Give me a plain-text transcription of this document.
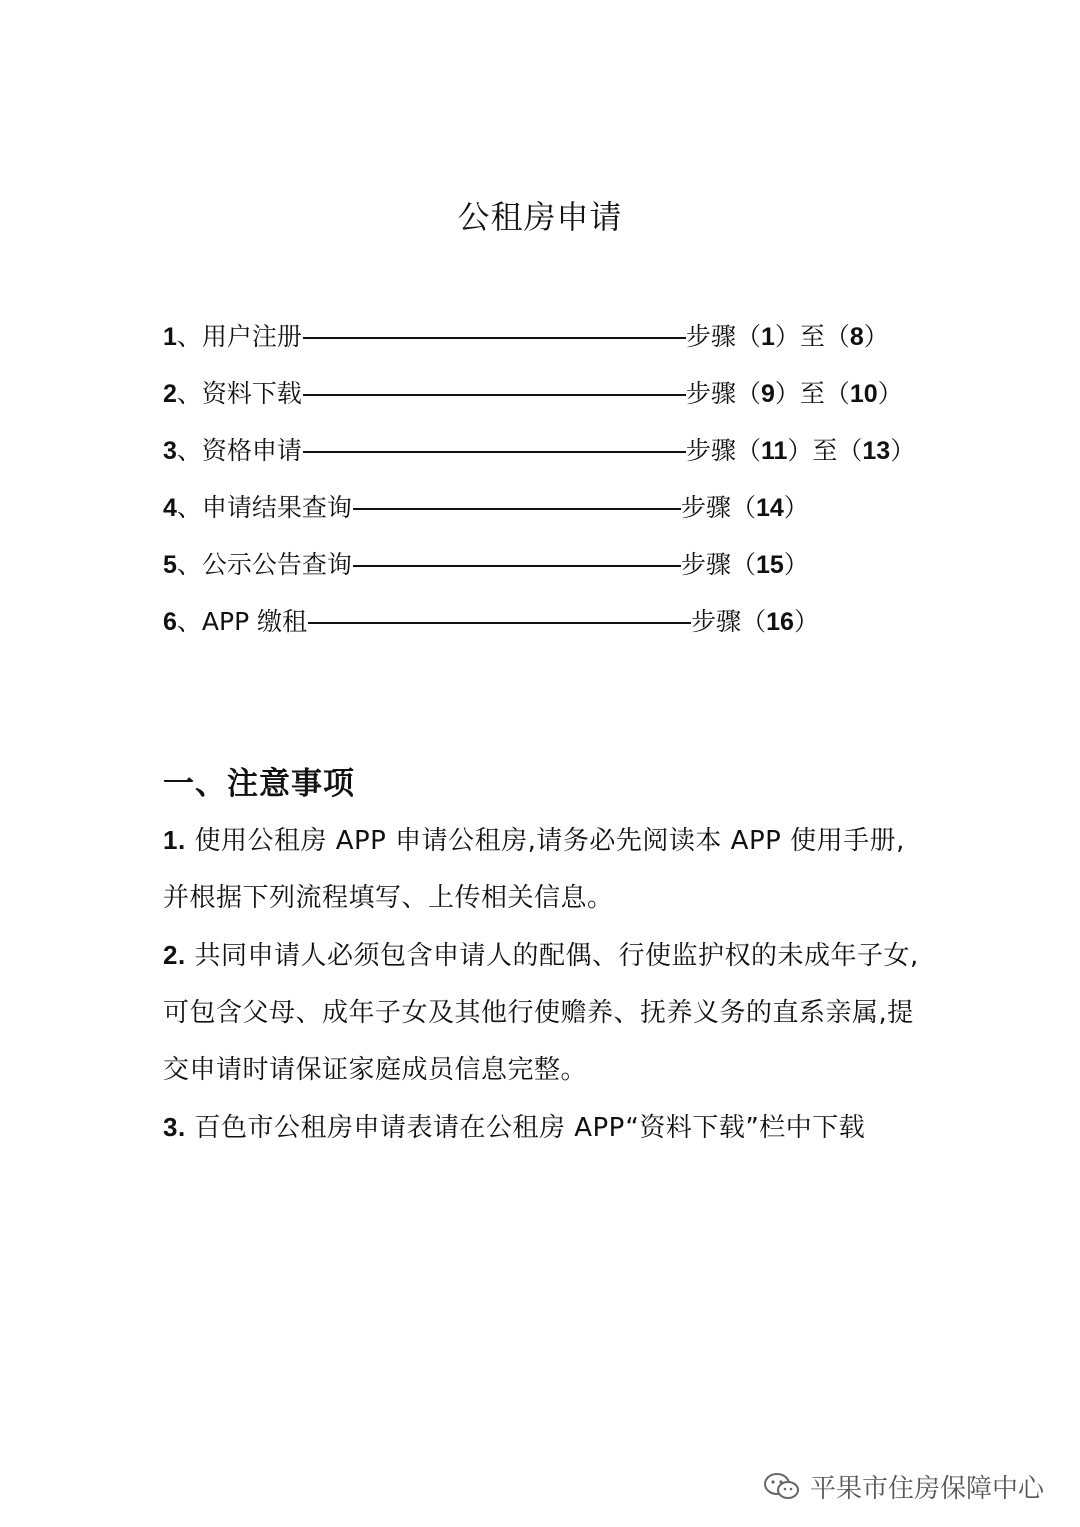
公租房申请
1、用户注册	步骤（1）至（8）
2、资料下载	步骤（9）至（10）
3、资格申请	步骤（11）至（13）
4、申请结果查询	步骤（14）
5、公示公告查询	步骤（15）
6、APP 缴租	步骤（16）
一、注意事项

1. 使用公租房 APP 申请公租房,请务必先阅读本 APP 使用手册,并根据下列流程填写、上传相关信息。

2. 共同申请人必须包含申请人的配偶、行使监护权的未成年子女,可包含父母、成年子女及其他行使赡养、抚养义务的直系亲属,提交申请时请保证家庭成员信息完整。

3. 百色市公租房申请表请在公租房 APP“资料下载”栏中下载

平果市住房保障中心
